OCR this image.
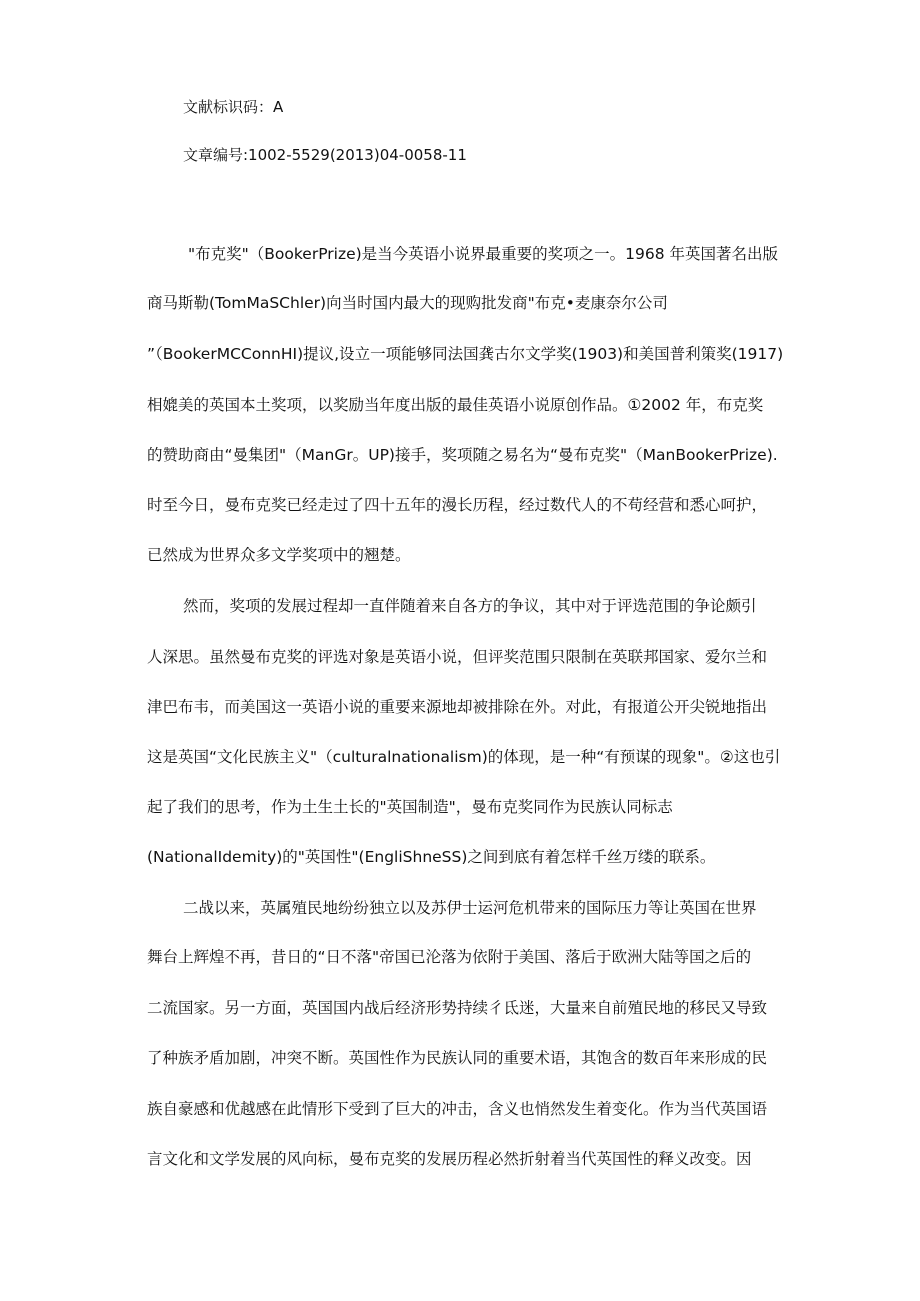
文献标识码：A
文章编号:1002-5529(2013)04-0058-11
"布克奖"（BookerPrize)是当今英语小说界最重要的奖项之一。1968 年英国著名出版
商马斯勒(TomMaSChler)向当时国内最大的现购批发商"布克•麦康奈尔公司
”（BookerMCConnHI)提议,设立一项能够同法国龚古尔文学奖(1903)和美国普利策奖(1917)
相媲美的英国本土奖项，以奖励当年度出版的最佳英语小说原创作品。①2002 年，布克奖
的赞助商由“曼集团"（ManGr。UP)接手，奖项随之易名为“曼布克奖"（ManBookerPrize).
时至今日，曼布克奖已经走过了四十五年的漫长历程，经过数代人的不苟经营和悉心呵护，
已然成为世界众多文学奖项中的翘楚。
然而，奖项的发展过程却一直伴随着来自各方的争议，其中对于评选范围的争论颇引
人深思。虽然曼布克奖的评选对象是英语小说，但评奖范围只限制在英联邦国家、爱尔兰和
津巴布韦，而美国这一英语小说的重要来源地却被排除在外。对此，有报道公开尖锐地指出
这是英国“文化民族主义"（culturalnationalism)的体现，是一种“有预谋的现象"。②这也引
起了我们的思考，作为土生土长的"英国制造"，曼布克奖同作为民族认同标志
(NationalIdemity)的"英国性"(EngliShneSS)之间到底有着怎样千丝万缕的联系。
二战以来，英属殖民地纷纷独立以及苏伊士运河危机带来的国际压力等让英国在世界
舞台上辉煌不再，昔日的“日不落"帝国已沦落为依附于美国、落后于欧洲大陆等国之后的
二流国家。另一方面，英国国内战后经济形势持续彳氐迷，大量来自前殖民地的移民又导致
了种族矛盾加剧，冲突不断。英国性作为民族认同的重要术语，其饱含的数百年来形成的民
族自豪感和优越感在此情形下受到了巨大的冲击，含义也悄然发生着变化。作为当代英国语
言文化和文学发展的风向标，曼布克奖的发展历程必然折射着当代英国性的释义改变。因
